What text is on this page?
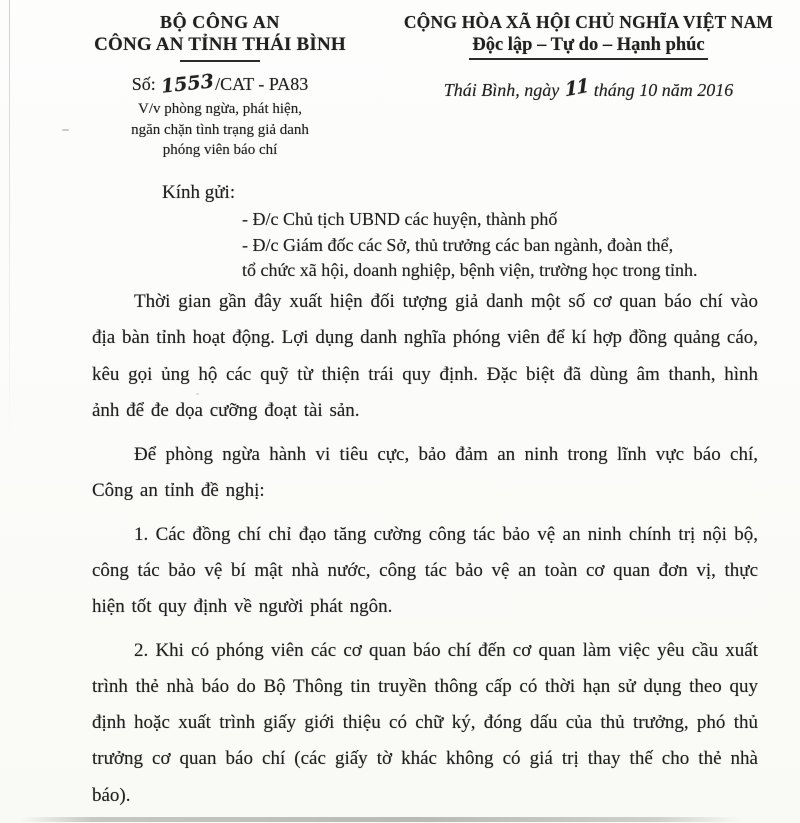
BỘ CÔNG AN
CÔNG AN TỈNH THÁI BÌNH
Số: 1553/CAT - PA83
V/v phòng ngừa, phát hiện,
ngăn chặn tình trạng giả danh
phóng viên báo chí
CỘNG HÒA XÃ HỘI CHỦ NGHĨA VIỆT NAM
Độc lập – Tự do – Hạnh phúc
Thái Bình, ngày 11 tháng 10 năm 2016
Kính gửi:
- Đ/c Chủ tịch UBND các huyện, thành phố
- Đ/c Giám đốc các Sở, thủ trưởng các ban ngành, đoàn thể,
tổ chức xã hội, doanh nghiệp, bệnh viện, trường học trong tỉnh.

Thời gian gần đây xuất hiện đối tượng giả danh một số cơ quan báo chí vào địa bàn tỉnh hoạt động. Lợi dụng danh nghĩa phóng viên để kí hợp đồng quảng cáo, kêu gọi ủng hộ các quỹ từ thiện trái quy định. Đặc biệt đã dùng âm thanh, hình ảnh để đe dọa cưỡng đoạt tài sản.

Để phòng ngừa hành vi tiêu cực, bảo đảm an ninh trong lĩnh vực báo chí, Công an tỉnh đề nghị:

1. Các đồng chí chỉ đạo tăng cường công tác bảo vệ an ninh chính trị nội bộ, công tác bảo vệ bí mật nhà nước, công tác bảo vệ an toàn cơ quan đơn vị, thực hiện tốt quy định về người phát ngôn.

2. Khi có phóng viên các cơ quan báo chí đến cơ quan làm việc yêu cầu xuất trình thẻ nhà báo do Bộ Thông tin truyền thông cấp có thời hạn sử dụng theo quy định hoặc xuất trình giấy giới thiệu có chữ ký, đóng dấu của thủ trưởng, phó thủ trưởng cơ quan báo chí (các giấy tờ khác không có giá trị thay thế cho thẻ nhà báo).
